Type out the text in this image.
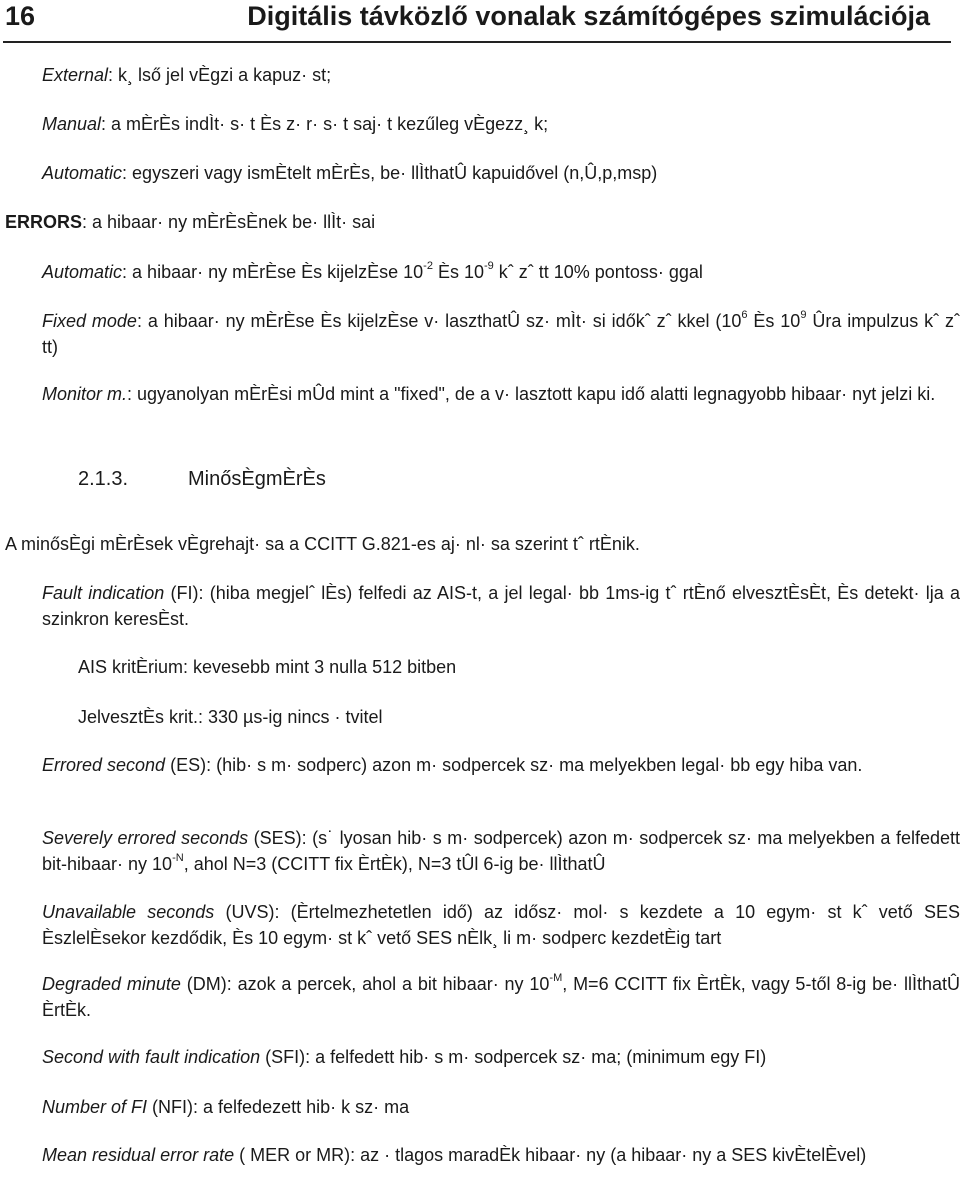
16	Digitális távközlő vonalak számítógépes szimulációja
External: k¸ lső jel vÈgzi a kapuz· st;
Manual: a mÈrÈs indÌt· s· t Ès z· r· s· t saj· t kezűleg vÈgezz¸ k;
Automatic: egyszeri vagy ismÈtelt mÈrÈs, be· llÌthatÛ kapuidővel (n,Û,p,msp)
ERRORS: a hibaar· ny mÈrÈsÈnek be· llÌt· sai
Automatic: a hibaar· ny mÈrÈse Ès kijelzÈse $10^{-2}$ Ès $10^{-9}$ kˆ zˆ tt 10% pontoss· ggal
Fixed mode: a hibaar· ny mÈrÈse Ès kijelzÈse v· laszthatÛ sz· mÌt· si időkˆ zˆ kkel ($10^6$ Ès $10^9$ Ûra impulzus kˆ zˆ tt)
Monitor m.: ugyanolyan mÈrÈsi mÛd mint a "fixed", de a v· lasztott kapu idő alatti legnagyobb hibaar· nyt jelzi ki.
2.1.3.	MinősÈgmÈrÈs
A minősÈgi mÈrÈsek vÈgrehajt· sa a CCITT G.821-es aj· nl· sa szerint tˆ rtÈnik.
Fault indication (FI): (hiba megjelˆ lÈs) felfedi az AIS-t, a jel legal· bb 1ms-ig tˆ rtÈnő elvesztÈsÈt, Ès detekt· lja a szinkron keresÈst.
AIS kritÈrium: kevesebb mint 3 nulla 512 bitben
JelvesztÈs krit.: 330 µs-ig nincs · tvitel
Errored second (ES): (hib· s m· sodperc) azon m· sodpercek sz· ma melyekben legal· bb egy hiba van.
Severely errored seconds (SES): (s˙ lyosan hib· s m· sodpercek) azon m· sodpercek sz· ma melyekben a felfedett bit-hibaar· ny $10^{-N}$, ahol N=3 (CCITT fix ÈrtÈk), N=3 tÛl 6-ig be· llÌthatÛ
Unavailable seconds (UVS): (Èrtelmezhetetlen idő) az idősz· mol· s kezdete a 10 egym· st kˆ vető SES ÈszlelÈsekor kezdődik, Ès 10 egym· st kˆ vető SES nÈlk¸ li m· sodperc kezdetÈig tart
Degraded minute (DM): azok a percek, ahol a bit hibaar· ny $10^{-M}$, M=6 CCITT fix ÈrtÈk, vagy 5-től 8-ig be· llÌthatÛ ÈrtÈk.
Second with fault indication (SFI): a felfedett hib· s m· sodpercek sz· ma; (minimum egy FI)
Number of FI (NFI): a felfedezett hib· k sz· ma
Mean residual error rate ( MER or MR): az · tlagos maradÈk hibaar· ny (a hibaar· ny a SES kivÈtelÈvel)
